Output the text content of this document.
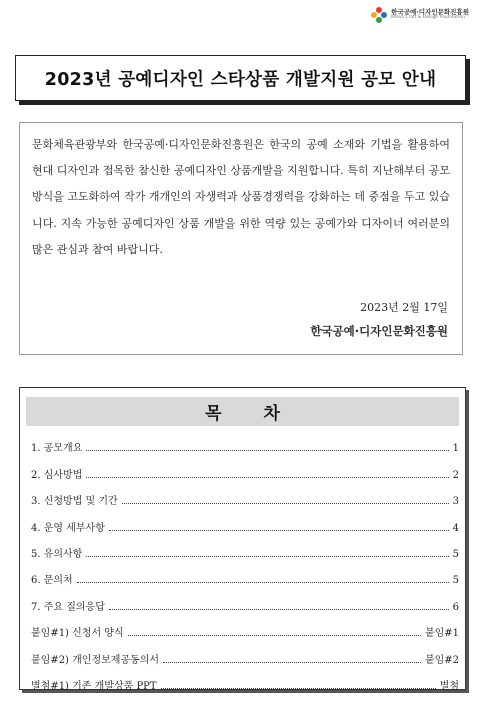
한국공예·디자인문화진흥원
Korea Craft & Design Foundation
2023년 공예디자인 스타상품 개발지원 공모 안내

문화체육관광부와 한국공예·디자인문화진흥원은 한국의 공예 소재와 기법을 활용하여 현대 디자인과 접목한 참신한 공예디자인 상품개발을 지원합니다. 특히 지난해부터 공모 방식을 고도화하여 작가 개개인의 자생력과 상품경쟁력을 강화하는 데 중점을 두고 있습니다. 지속 가능한 공예디자인 상품 개발을 위한 역량 있는 공예가와 디자이너 여러분의 많은 관심과 참여 바랍니다.

2023년 2월 17일
한국공예·디자인문화진흥원
목 차
1. 공모개요	1
2. 심사방법	2
3. 신청방법 및 기간	3
4. 운영 세부사항	4
5. 유의사항	5
6. 문의처	5
7. 주요 질의응답	6
붙임#1) 신청서 양식	붙임#1
붙임#2) 개인정보제공동의서	붙임#2
별첨#1) 기존 개발상품 PPT	별첨
